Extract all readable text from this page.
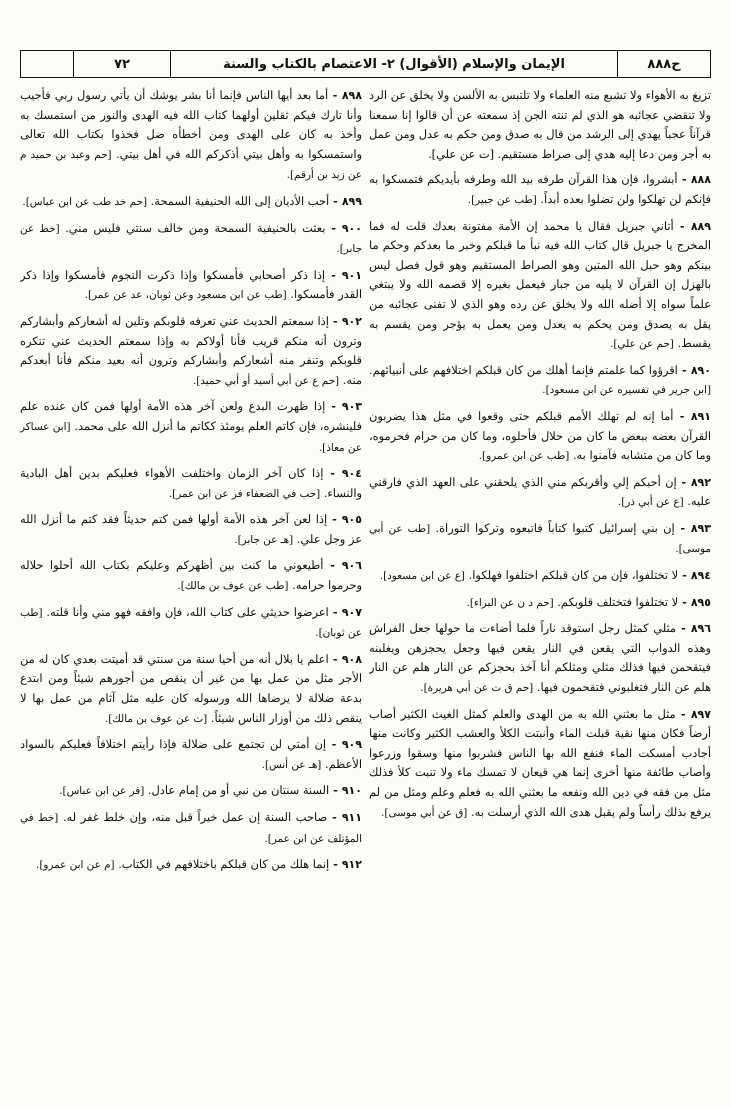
ح٨٨٨
الإيمان والإسلام (الأقوال) ٢- الاعتصام بالكتاب والسنة
٧٢

تزيغ به الأهواء ولا تشبع منه العلماء ولا تلتبس به الألسن ولا يخلق عن الرد ولا تنقضي عجائبه هو الذي لم تنته الجن إذ سمعته عن أن قالوا إنا سمعنا قرآناً عجباً يهدي إلى الرشد من قال به صدق ومن حكم به عدل ومن عمل به أجر ومن دعا إليه هدي إلى صراط مستقيم. [ت عن علي].

٨٨٨ - أبشروا، فإن هذا القرآن طرفه بيد الله وطرفه بأيديكم فتمسكوا به فإنكم لن تهلكوا ولن تضلوا بعده أبداً. [طب عن جبير].

٨٨٩ - أتاني جبريل فقال يا محمد إن الأمة مفتونة بعدك قلت له فما المخرج يا جبريل قال كتاب الله فيه نبأ ما قبلكم وخبر ما بعدكم وحكم ما بينكم وهو حبل الله المتين وهو الصراط المستقيم وهو قول فصل ليس بالهزل إن القرآن لا يليه من جبار فيعمل بغيره إلا قصمه الله ولا يبتغي علماً سواه إلا أضله الله ولا يخلق عن رده وهو الذي لا تفنى عجائبه من يقل به يصدق ومن يحكم به يعدل ومن يعمل به يؤجر ومن يقسم به يقسط. [حم عن علي].

٨٩٠ - اقرؤوا كما علمتم فإنما أهلك من كان قبلكم اختلافهم على أنبيائهم. [ابن جرير في تفسيره عن ابن مسعود].

٨٩١ - أما إنه لم تهلك الأمم قبلكم حتى وقعوا في مثل هذا يضربون القرآن بعضه ببعض ما كان من حلال فأحلوه، وما كان من حرام فحرموه، وما كان من متشابه فآمنوا به. [طب عن ابن عمرو].

٨٩٢ - إن أحبكم إلي وأقربكم مني الذي يلحقني على العهد الذي فارقني عليه. [ع عن أبي ذر].

٨٩٣ - إن بني إسرائيل كتبوا كتاباً فاتبعوه وتركوا التوراة. [طب عن أبي موسى].

٨٩٤ - لا تختلفوا، فإن من كان قبلكم اختلفوا فهلكوا. [ع عن ابن مسعود].

٨٩٥ - لا تختلفوا فتختلف قلوبكم. [حم د ن عن البراء].

٨٩٦ - مثلي كمثل رجل استوقد ناراً فلما أضاءت ما حولها جعل الفراش وهذه الدواب التي يقعن في النار يقعن فيها وجعل يحجزهن ويغلبنه فيتقحمن فيها فذلك مثلي ومثلكم أنا آخذ بحجزكم عن النار هلم عن النار هلم عن النار فتغلبوني فتقحمون فيها. [حم ق ت عن أبي هريرة].

٨٩٧ - مثل ما بعثني الله به من الهدى والعلم كمثل الغيث الكثير أصاب أرضاً فكان منها نقية قبلت الماء وأنبتت الكلأ والعشب الكثير وكانت منها أجادب أمسكت الماء فنفع الله بها الناس فشربوا منها وسقوا وزرعوا وأصاب طائفة منها أخرى إنما هي قيعان لا تمسك ماء ولا تنبت كلأ فذلك مثل من فقه في دين الله ونفعه ما بعثني الله به فعلم وعلم ومثل من لم يرفع بذلك رأساً ولم يقبل هدى الله الذي أرسلت به. [ق عن أبي موسى].

٨٩٨ - أما بعد أيها الناس فإنما أنا بشر يوشك أن يأتي رسول ربي فأجيب وأنا تارك فيكم ثقلين أولهما كتاب الله فيه الهدى والنور من استمسك به وأخذ به كان على الهدى ومن أخطأه ضل فخذوا بكتاب الله تعالى واستمسكوا به وأهل بيتي أذكركم الله في أهل بيتي. [حم وعبد بن حميد م عن زيد بن أرقم].

٨٩٩ - أحب الأديان إلى الله الحنيفية السمحة. [حم خد طب عن ابن عباس].

٩٠٠ - بعثت بالحنيفية السمحة ومن خالف سنتي فليس مني. [خط عن جابر].

٩٠١ - إذا ذكر أصحابي فأمسكوا وإذا ذكرت النجوم فأمسكوا وإذا ذكر القدر فأمسكوا. [طب عن ابن مسعود وعن ثوبان، عد عن عمر].

٩٠٢ - إذا سمعتم الحديث عني تعرفه قلوبكم وتلين له أشعاركم وأبشاركم وترون أنه منكم قريب فأنا أولاكم به وإذا سمعتم الحديث عني تنكره قلوبكم وتنفر منه أشعاركم وأبشاركم وترون أنه بعيد منكم فأنا أبعدكم منه. [حم ع عن أبي أسيد أو أبي حميد].

٩٠٣ - إذا ظهرت البدع ولعن آخر هذه الأمة أولها فمن كان عنده علم فلينشره، فإن كاتم العلم يومئذ ككاتم ما أنزل الله على محمد. [ابن عساكر عن معاذ].

٩٠٤ - إذا كان آخر الزمان واختلفت الأهواء فعليكم بدين أهل البادية والنساء. [حب في الضعفاء فر عن ابن عمر].

٩٠٥ - إذا لعن آخر هذه الأمة أولها فمن كتم حديثاً فقد كتم ما أنزل الله عز وجل علي. [هـ عن جابر].

٩٠٦ - أطيعوني ما كنت بين أظهركم وعليكم بكتاب الله أحلوا حلاله وحرموا حرامه. [طب عن عوف بن مالك].

٩٠٧ - اعرضوا حديثي على كتاب الله، فإن وافقه فهو مني وأنا قلته. [طب عن ثوبان].

٩٠٨ - اعلم يا بلال أنه من أحيا سنة من سنتي قد أميتت بعدي كان له من الأجر مثل من عمل بها من غير أن ينقص من أجورهم شيئاً ومن ابتدع بدعة ضلالة لا يرضاها الله ورسوله كان عليه مثل آثام من عمل بها لا ينقص ذلك من أوزار الناس شيئاً. [ت عن عوف بن مالك].

٩٠٩ - إن أمتي لن تجتمع على ضلالة فإذا رأيتم اختلافاً فعليكم بالسواد الأعظم. [هـ عن أنس].

٩١٠ - السنة سنتان من نبي أو من إمام عادل. [فر عن ابن عباس].

٩١١ - صاحب السنة إن عمل خيراً قبل منه، وإن خلط غفر له. [خط في المؤتلف عن ابن عمر].

٩١٢ - إنما هلك من كان قبلكم باختلافهم في الكتاب. [م عن ابن عمرو].
